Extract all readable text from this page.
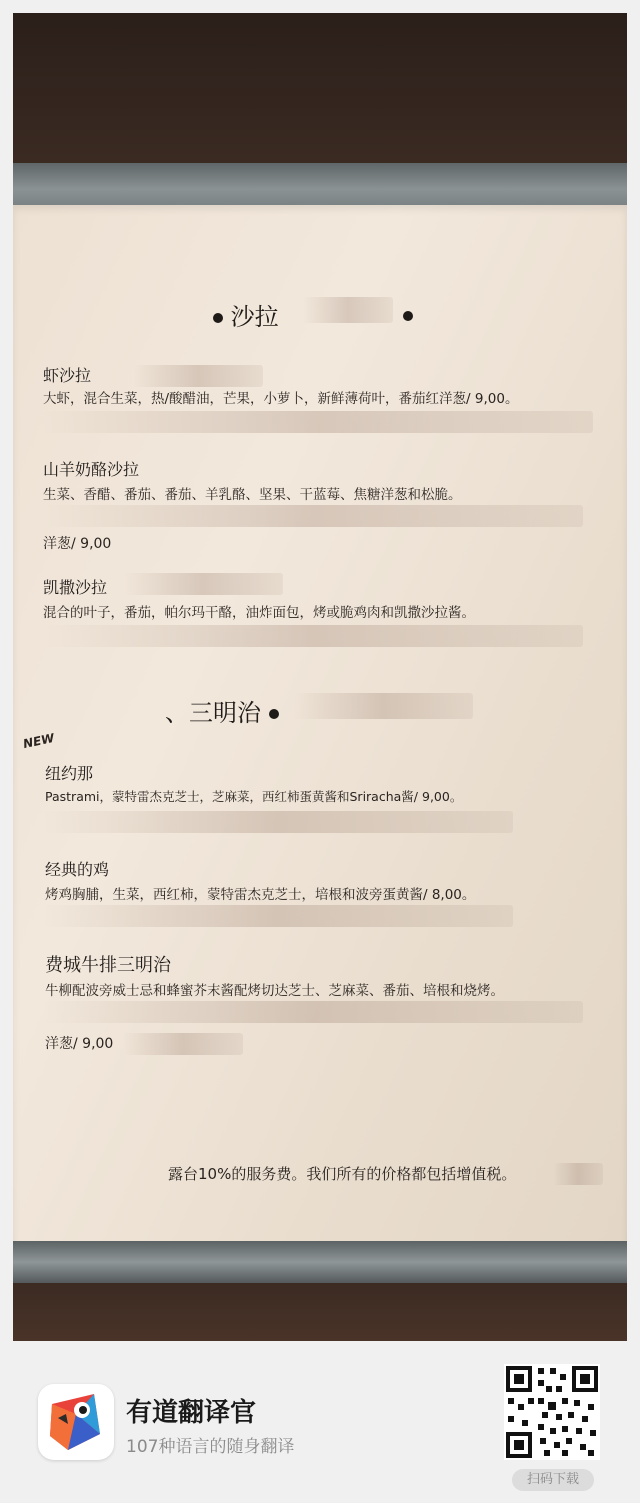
沙拉
虾沙拉
大虾，混合生菜，热/酸醋油，芒果，小萝卜，新鲜薄荷叶，番茄红洋葱/ 9,00。
山羊奶酪沙拉
生菜、香醋、番茄、番茄、羊乳酪、坚果、干蓝莓、焦糖洋葱和松脆。
洋葱/ 9,00
凯撒沙拉
混合的叶子，番茄，帕尔玛干酪，油炸面包，烤或脆鸡肉和凯撒沙拉酱。
、三明治
NEW
纽约那
Pastrami，蒙特雷杰克芝士，芝麻菜，西红柿蛋黄酱和Sriracha酱/ 9,00。
经典的鸡
烤鸡胸脯，生菜，西红柿，蒙特雷杰克芝士，培根和波旁蛋黄酱/ 8,00。
费城牛排三明治
牛柳配波旁威士忌和蜂蜜芥末酱配烤切达芝士、芝麻菜、番茄、培根和烧烤。
洋葱/ 9,00
露台10%的服务费。我们所有的价格都包括增值税。
有道翻译官
107种语言的随身翻译
扫码下载
